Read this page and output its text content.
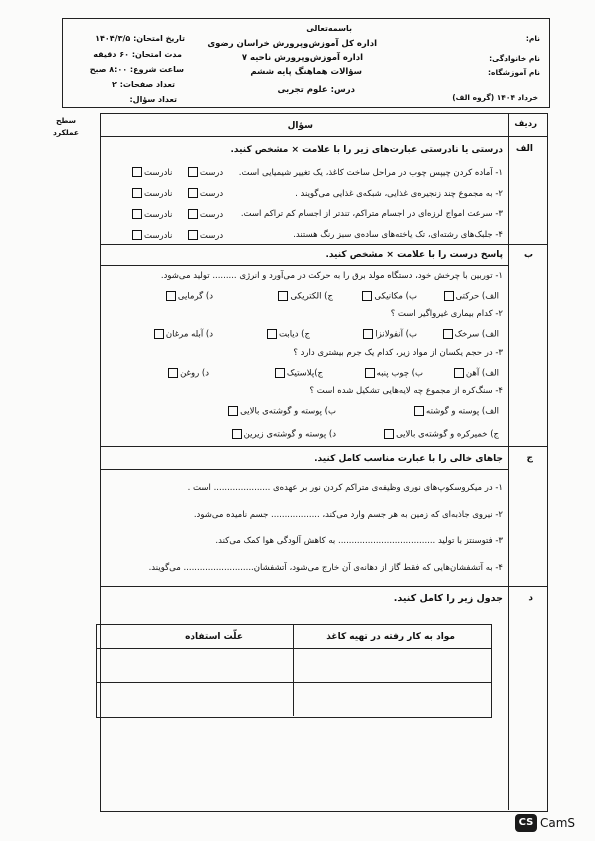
باسمه‌تعالی
اداره کل آموزش‌وپرورش خراسان رضوی
اداره آموزش‌وپرورش ناحیه ۷
سؤالات هماهنگ پایه ششم
درس: علوم تجربی
تاریخ امتحان: ۱۴۰۴/۳/۵
مدت امتحان: ۶۰ دقیقه
ساعت شروع: ۸:۰۰ صبح
تعداد صفحات: ۲
تعداد سؤال:
نام:
نام خانوادگی:
نام آموزشگاه:
خرداد ۱۴۰۴ (گروه الف)
ردیف
سؤال
سطح عملکرد
الف
درستی یا نادرستی عبارت‌های زیر را با علامت × مشخص کنید.
۱- آماده کردن چیپس چوب در مراحل ساخت کاغذ، یک تغییر شیمیایی است.
۲- به مجموع چند زنجیره‌ی غذایی، شبکه‌ی غذایی می‌گویند .
۳- سرعت امواج لرزه‌ای در اجسام متراکم، تندتر از اجسام کم تراکم است.
۴- جلبک‌های رشته‌ای، تک یاخته‌های ساده‌ی سبز رنگ هستند.
درست     نادرست
درست     نادرست
درست     نادرست
درست     نادرست
ب
پاسخ درست را با علامت × مشخص کنید.
۱- توربین با چرخش خود، دستگاه مولد برق را به حرکت در می‌آورد و انرژی ......... تولید می‌شود.
الف) حرکتی
ب) مکانیکی
ج) الکتریکی
د) گرمایی
۲- کدام بیماری غیرواگیر است ؟
الف) سرخک
ب) آنفولانزا
ج) دیابت
د) آبله مرغان
۳- در حجم یکسان از مواد زیر، کدام یک جرم بیشتری دارد ؟
الف) آهن
ب) چوب پنبه
ج)پلاستیک
د) روغن
۴- سنگ‌کره از مجموع چه لایه‌هایی تشکیل شده است ؟
الف) پوسته و گوشته
ب) پوسته و گوشته‌ی بالایی
ج) خمیرکره و گوشته‌ی بالایی
د) پوسته و گوشته‌ی زیرین
ج
جاهای خالی را با عبارت مناسب کامل کنید.
۱- در میکروسکوپ‌های نوری وظیفه‌ی متراکم کردن نور بر عهده‌ی ..................... است .
۲- نیروی جاذبه‌ای که زمین به هر جسم وارد می‌کند، .................. جسم نامیده می‌شود.
۳- فتوسنتز با تولید .................................... به کاهش آلودگی هوا کمک می‌کند.
۴- به آتشفشان‌هایی که فقط گاز از دهانه‌ی آن خارج می‌شود، آتشفشان.......................... می‌گویند.
د
جدول زیر را کامل کنید.
مواد به کار رفته در تهیه کاغذ
علّت استفاده
CS CamS
